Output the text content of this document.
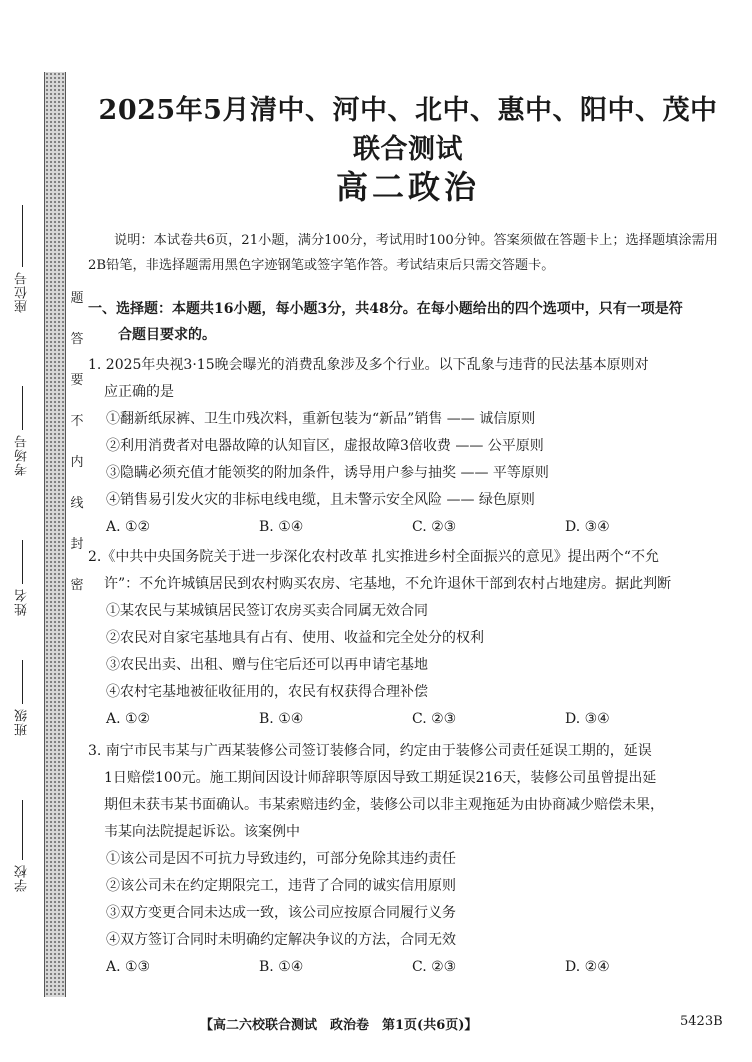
题
答
要
不
内
线
封
密
座位号
考场号
姓名
班级
学校
2025年5月清中、河中、北中、惠中、阳中、茂中联合测试
高二政治
说明：本试卷共6页，21小题，满分100分，考试用时100分钟。答案须做在答题卡上；选择题填涂需用2B铅笔，非选择题需用黑色字迹钢笔或签字笔作答。考试结束后只需交答题卡。
一、选择题：本题共16小题，每小题3分，共48分。在每小题给出的四个选项中，只有一项是符
合题目要求的。
1. 2025年央视3·15晚会曝光的消费乱象涉及多个行业。以下乱象与违背的民法基本原则对
应正确的是
①翻新纸尿裤、卫生巾残次料，重新包装为“新品”销售 —— 诚信原则
②利用消费者对电器故障的认知盲区，虚报故障3倍收费 —— 公平原则
③隐瞒必须充值才能领奖的附加条件，诱导用户参与抽奖 —— 平等原则
④销售易引发火灾的非标电线电缆，且未警示安全风险 —— 绿色原则
A. ①②	B. ①④	C. ②③	D. ③④
2.《中共中央国务院关于进一步深化农村改革 扎实推进乡村全面振兴的意见》提出两个“不允
许”：不允许城镇居民到农村购买农房、宅基地，不允许退休干部到农村占地建房。据此判断
①某农民与某城镇居民签订农房买卖合同属无效合同
②农民对自家宅基地具有占有、使用、收益和完全处分的权利
③农民出卖、出租、赠与住宅后还可以再申请宅基地
④农村宅基地被征收征用的，农民有权获得合理补偿
A. ①②	B. ①④	C. ②③	D. ③④
3. 南宁市民韦某与广西某装修公司签订装修合同，约定由于装修公司责任延误工期的，延误
1日赔偿100元。施工期间因设计师辞职等原因导致工期延误216天，装修公司虽曾提出延
期但未获韦某书面确认。韦某索赔违约金，装修公司以非主观拖延为由协商减少赔偿未果，
韦某向法院提起诉讼。该案例中
①该公司是因不可抗力导致违约，可部分免除其违约责任
②该公司未在约定期限完工，违背了合同的诚实信用原则
③双方变更合同未达成一致，该公司应按原合同履行义务
④双方签订合同时未明确约定解决争议的方法，合同无效
A. ①③	B. ①④	C. ②③	D. ②④
【高二六校联合测试　政治卷　第1页(共6页)】	5423B
